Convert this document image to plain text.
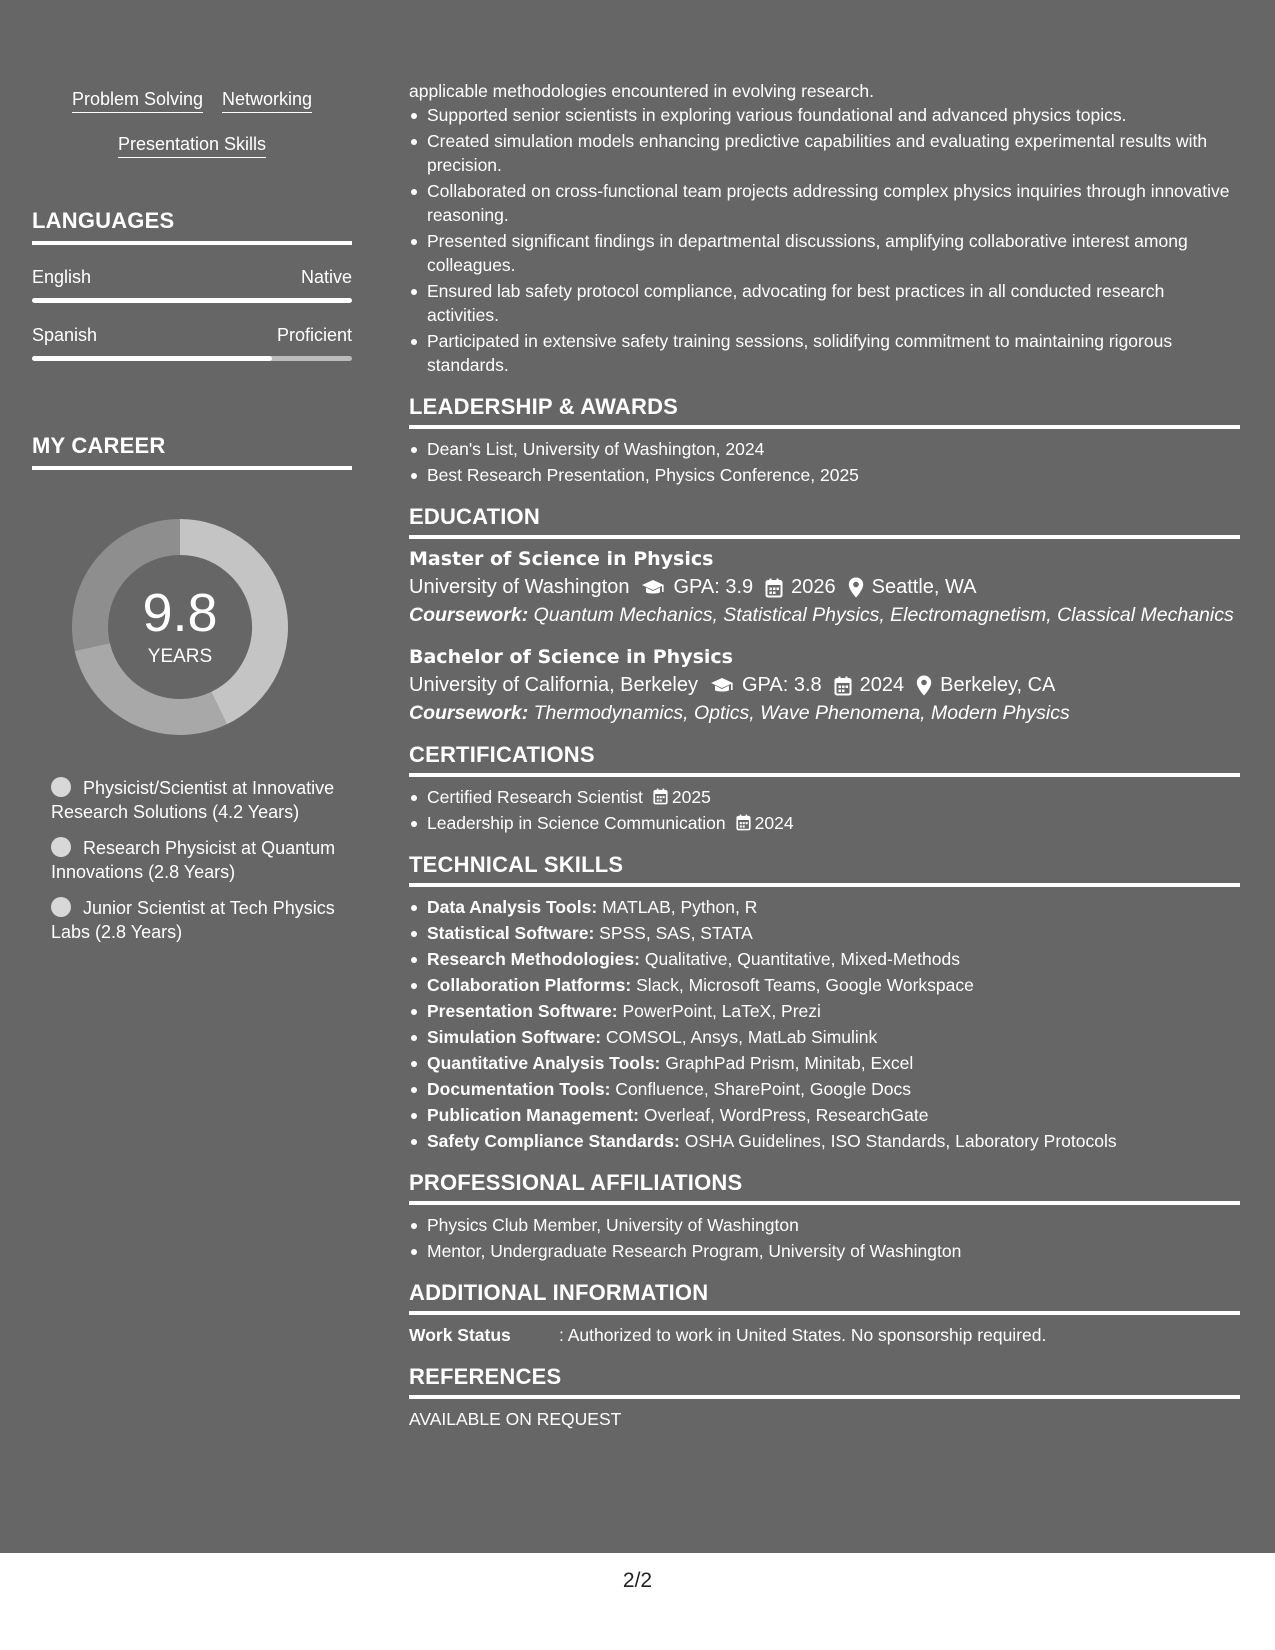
Problem Solving Networking
Presentation Skills
LANGUAGES
English	Native
Spanish	Proficient
MY CAREER
9.8
YEARS
Physicist/Scientist at Innovative Research Solutions (4.2 Years)
Research Physicist at Quantum Innovations (2.8 Years)
Junior Scientist at Tech Physics Labs (2.8 Years)
applicable methodologies encountered in evolving research.
Supported senior scientists in exploring various foundational and advanced physics topics.
Created simulation models enhancing predictive capabilities and evaluating experimental results with precision.
Collaborated on cross-functional team projects addressing complex physics inquiries through innovative reasoning.
Presented significant findings in departmental discussions, amplifying collaborative interest among colleagues.
Ensured lab safety protocol compliance, advocating for best practices in all conducted research activities.
Participated in extensive safety training sessions, solidifying commitment to maintaining rigorous standards.
LEADERSHIP & AWARDS
Dean's List, University of Washington, 2024
Best Research Presentation, Physics Conference, 2025
EDUCATION
Master of Science in Physics
University of Washington GPA: 3.9 2026 Seattle, WA
Coursework: Quantum Mechanics, Statistical Physics, Electromagnetism, Classical Mechanics
Bachelor of Science in Physics
University of California, Berkeley GPA: 3.8 2024 Berkeley, CA
Coursework: Thermodynamics, Optics, Wave Phenomena, Modern Physics
CERTIFICATIONS
Certified Research Scientist 2025
Leadership in Science Communication 2024
TECHNICAL SKILLS
Data Analysis Tools: MATLAB, Python, R
Statistical Software: SPSS, SAS, STATA
Research Methodologies: Qualitative, Quantitative, Mixed-Methods
Collaboration Platforms: Slack, Microsoft Teams, Google Workspace
Presentation Software: PowerPoint, LaTeX, Prezi
Simulation Software: COMSOL, Ansys, MatLab Simulink
Quantitative Analysis Tools: GraphPad Prism, Minitab, Excel
Documentation Tools: Confluence, SharePoint, Google Docs
Publication Management: Overleaf, WordPress, ResearchGate
Safety Compliance Standards: OSHA Guidelines, ISO Standards, Laboratory Protocols
PROFESSIONAL AFFILIATIONS
Physics Club Member, University of Washington
Mentor, Undergraduate Research Program, University of Washington
ADDITIONAL INFORMATION
Work Status	: Authorized to work in United States. No sponsorship required.
REFERENCES
AVAILABLE ON REQUEST
2/2
